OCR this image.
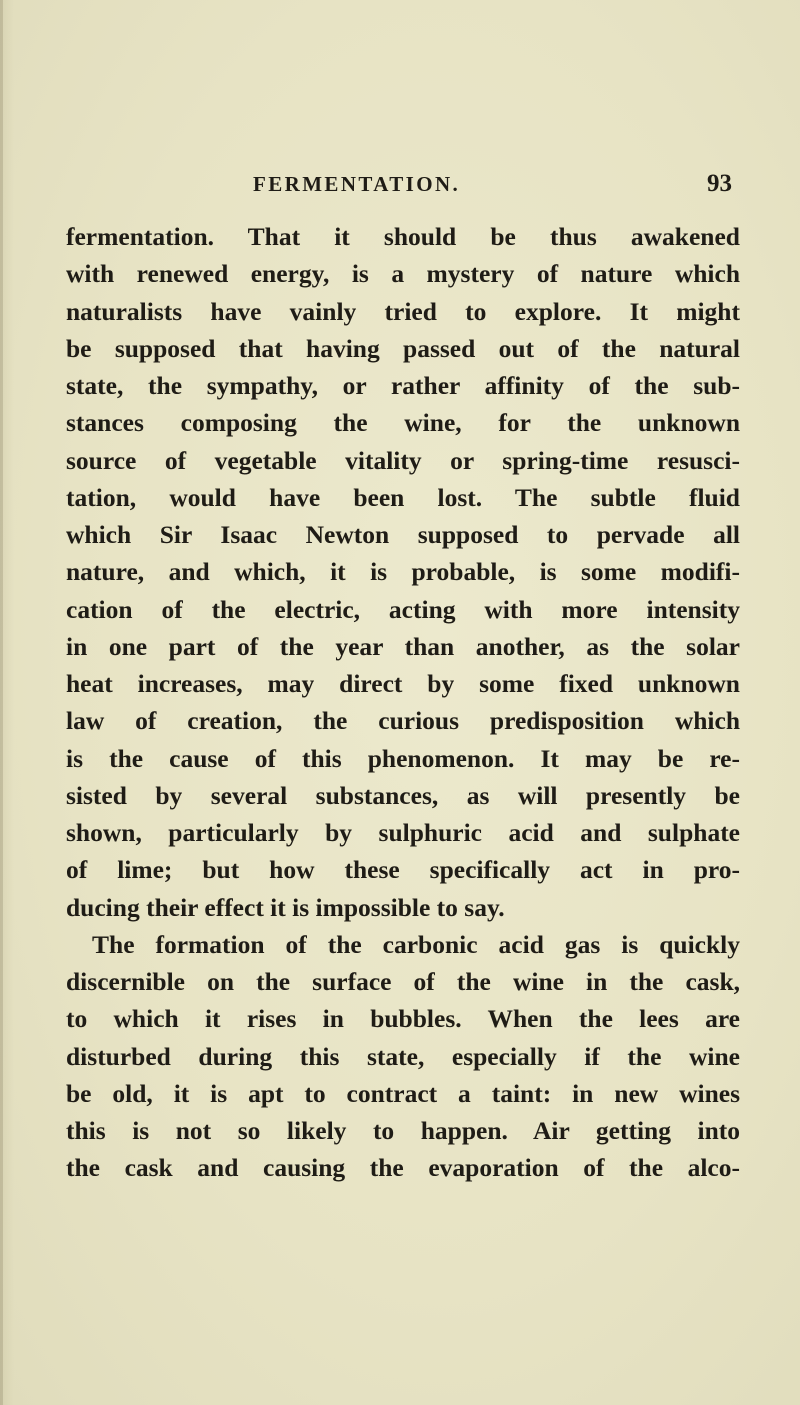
FERMENTATION.	93
fermentation. That it should be thus awakened
with renewed energy, is a mystery of nature which
naturalists have vainly tried to explore. It might
be supposed that having passed out of the natural
state, the sympathy, or rather affinity of the sub-
stances composing the wine, for the unknown
source of vegetable vitality or spring-time resusci-
tation, would have been lost. The subtle fluid
which Sir Isaac Newton supposed to pervade all
nature, and which, it is probable, is some modifi-
cation of the electric, acting with more intensity
in one part of the year than another, as the solar
heat increases, may direct by some fixed unknown
law of creation, the curious predisposition which
is the cause of this phenomenon. It may be re-
sisted by several substances, as will presently be
shown, particularly by sulphuric acid and sulphate
of lime; but how these specifically act in pro-
ducing their effect it is impossible to say.
The formation of the carbonic acid gas is quickly
discernible on the surface of the wine in the cask,
to which it rises in bubbles. When the lees are
disturbed during this state, especially if the wine
be old, it is apt to contract a taint: in new wines
this is not so likely to happen. Air getting into
the cask and causing the evaporation of the alco-
